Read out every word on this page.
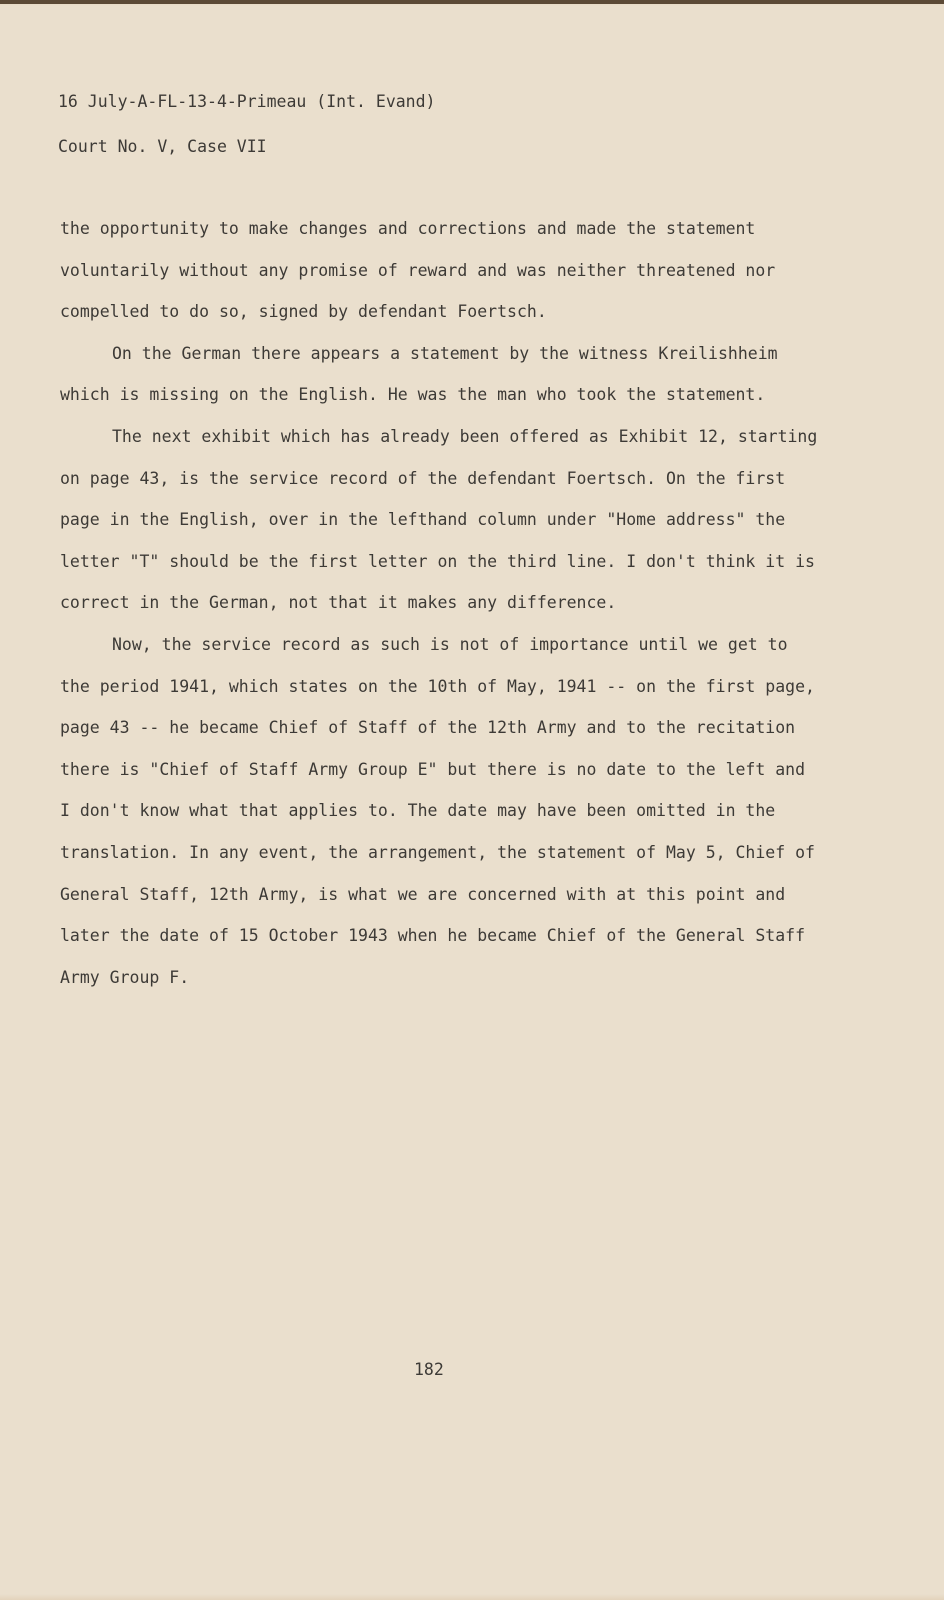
16 July-A-FL-13-4-Primeau (Int. Evand)
Court No. V, Case VII

the opportunity to make changes and corrections and made the statement voluntarily without any promise of reward and was neither threatened nor compelled to do so, signed by defendant Foertsch.

On the German there appears a statement by the witness Kreilishheim which is missing on the English. He was the man who took the statement.

The next exhibit which has already been offered as Exhibit 12, starting on page 43, is the service record of the defendant Foertsch. On the first page in the English, over in the lefthand column under "Home address" the letter "T" should be the first letter on the third line. I don't think it is correct in the German, not that it makes any difference.

Now, the service record as such is not of importance until we get to the period 1941, which states on the 10th of May, 1941 -- on the first page, page 43 -- he became Chief of Staff of the 12th Army and to the recitation there is "Chief of Staff Army Group E" but there is no date to the left and I don't know what that applies to. The date may have been omitted in the translation. In any event, the arrangement, the statement of May 5, Chief of General Staff, 12th Army, is what we are concerned with at this point and later the date of 15 October 1943 when he became Chief of the General Staff Army Group F.

182
